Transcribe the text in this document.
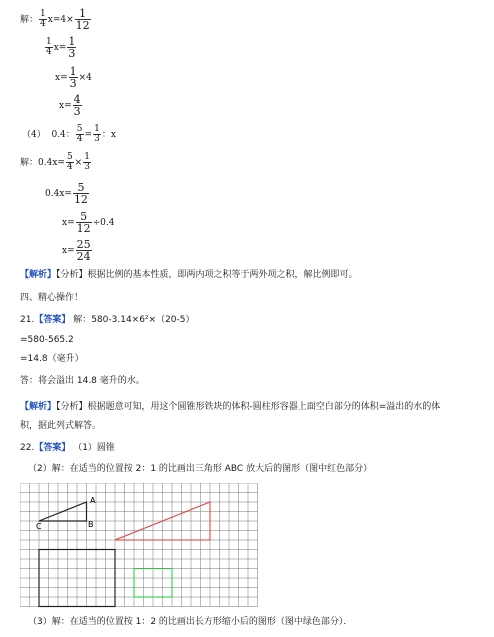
解： $\frac{1}{4} x=4\times \frac{1}{12}$
$\frac{1}{4} x= \frac{1}{3}$
$x= \frac{1}{3} \times 4$
$x= \frac{4}{3}$
（4） 0.4： $\frac{5}{4} = \frac{1}{3}$ ：x
解：$0.4x= \frac{5}{4} \times \frac{1}{3}$
$0.4x= \frac{5}{12}$
$x= \frac{5}{12} \div 0.4$
$x= \frac{25}{24}$
【解析】【分析】根据比例的基本性质，即两内项之积等于两外项之积，解比例即可。
四、精心操作！
21.【答案】 解：580-3.14×6²×（20-5）
=580-565.2
=14.8（毫升）
答：将会溢出 14.8 毫升的水。
【解析】【分析】根据题意可知，用这个圆锥形铁块的体积-圆柱形容器上面空白部分的体积=溢出的水的体
积，据此列式解答。
22.【答案】 （1）圆锥
（2）解：在适当的位置按 2：1 的比画出三角形 ABC 放大后的图形（图中红色部分）
A
B
C
（3）解：在适当的位置按 1：2 的比画出长方形缩小后的图形（图中绿色部分）．
